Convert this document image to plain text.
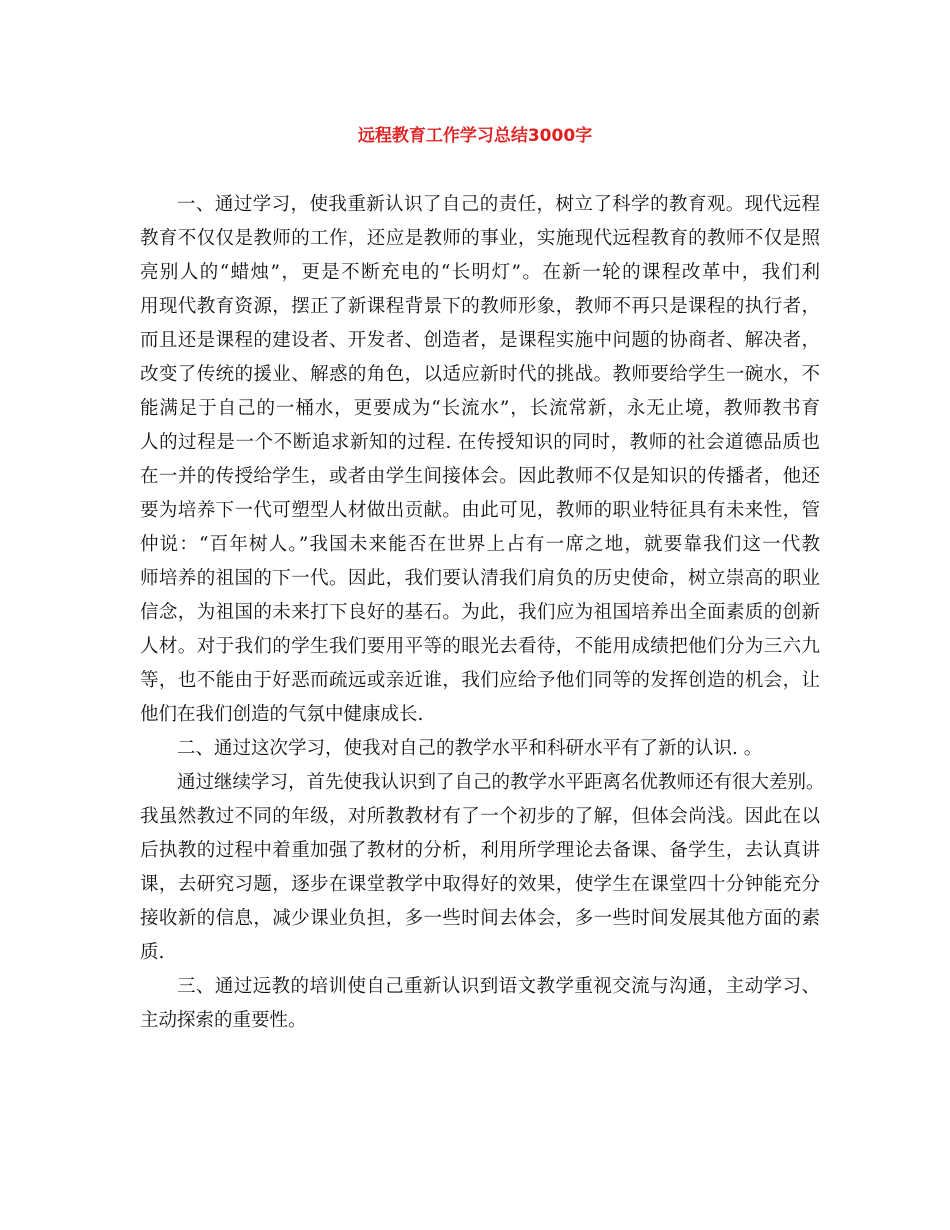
远程教育工作学习总结3000字

一、通过学习，使我重新认识了自己的责任，树立了科学的教育观。现代远程

教育不仅仅是教师的工作，还应是教师的事业，实施现代远程教育的教师不仅是照

亮别人的“蜡烛”，更是不断充电的“长明灯”。在新一轮的课程改革中，我们利

用现代教育资源，摆正了新课程背景下的教师形象，教师不再只是课程的执行者，

而且还是课程的建设者、开发者、创造者，是课程实施中问题的协商者、解决者，

改变了传统的援业、解惑的角色，以适应新时代的挑战。教师要给学生一碗水，不

能满足于自己的一桶水，更要成为“长流水”，长流常新，永无止境，教师教书育

人的过程是一个不断追求新知的过程. 在传授知识的同时，教师的社会道德品质也

在一并的传授给学生，或者由学生间接体会。因此教师不仅是知识的传播者，他还

要为培养下一代可塑型人材做出贡献。由此可见，教师的职业特征具有未来性，管

仲说：“百年树人。”我国未来能否在世界上占有一席之地，就要靠我们这一代教

师培养的祖国的下一代。因此，我们要认清我们肩负的历史使命，树立崇高的职业

信念，为祖国的未来打下良好的基石。为此，我们应为祖国培养出全面素质的创新

人材。对于我们的学生我们要用平等的眼光去看待，不能用成绩把他们分为三六九

等，也不能由于好恶而疏远或亲近谁，我们应给予他们同等的发挥创造的机会，让

他们在我们创造的气氛中健康成长.

二、通过这次学习，使我对自己的教学水平和科研水平有了新的认识. 。

通过继续学习，首先使我认识到了自己的教学水平距离名优教师还有很大差别。

我虽然教过不同的年级，对所教教材有了一个初步的了解，但体会尚浅。因此在以

后执教的过程中着重加强了教材的分析，利用所学理论去备课、备学生，去认真讲

课，去研究习题，逐步在课堂教学中取得好的效果，使学生在课堂四十分钟能充分

接收新的信息，减少课业负担，多一些时间去体会，多一些时间发展其他方面的素

质.

三、通过远教的培训使自己重新认识到语文教学重视交流与沟通，主动学习、

主动探索的重要性。
